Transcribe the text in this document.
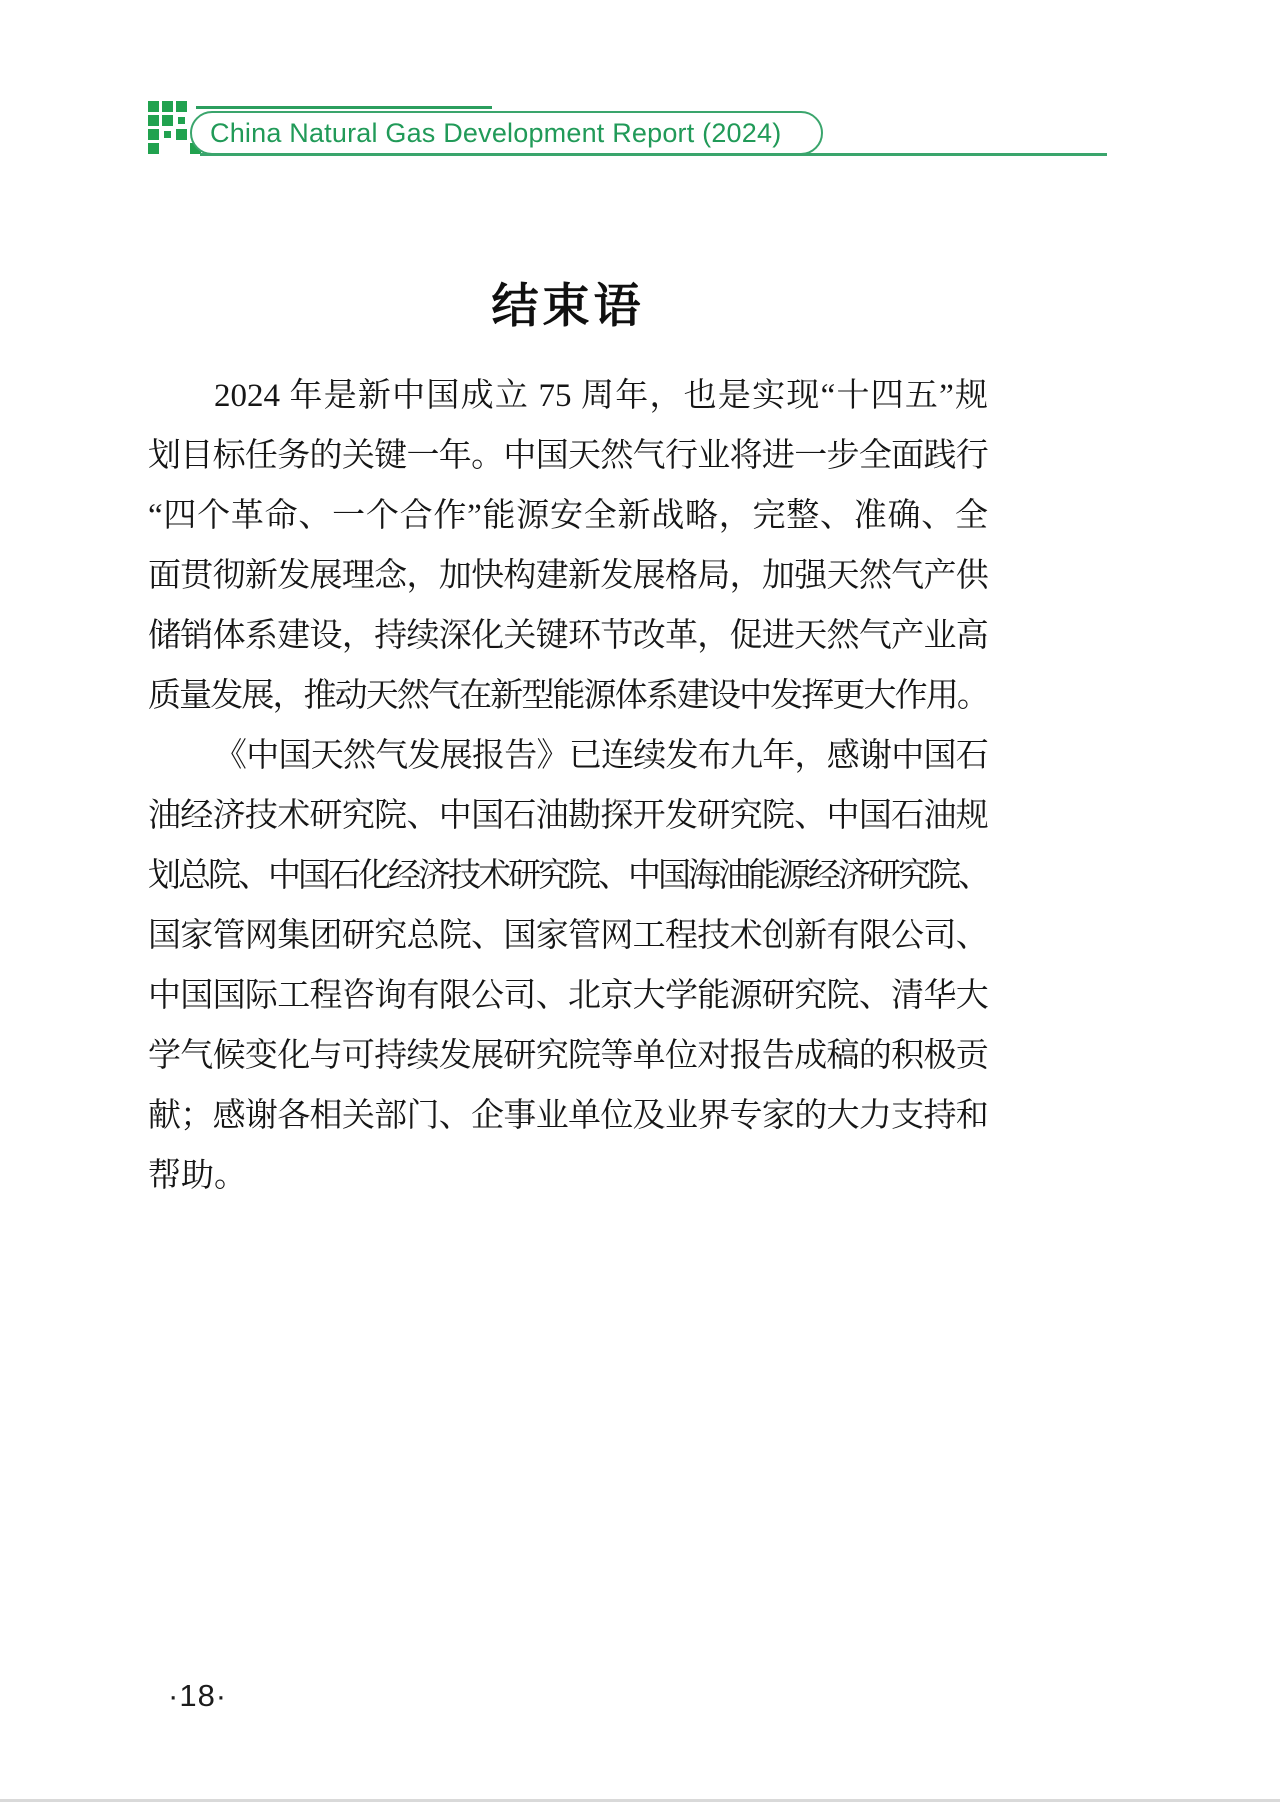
China Natural Gas Development Report (2024)
结束语
2024 年是新中国成立 75 周年，也是实现“十四五”规
划目标任务的关键一年。中国天然气行业将进一步全面践行
“四个革命、一个合作”能源安全新战略，完整、准确、全
面贯彻新发展理念，加快构建新发展格局，加强天然气产供
储销体系建设，持续深化关键环节改革，促进天然气产业高
质量发展，推动天然气在新型能源体系建设中发挥更大作用。
《中国天然气发展报告》已连续发布九年，感谢中国石
油经济技术研究院、中国石油勘探开发研究院、中国石油规
划总院、中国石化经济技术研究院、中国海油能源经济研究院、
国家管网集团研究总院、国家管网工程技术创新有限公司、
中国国际工程咨询有限公司、北京大学能源研究院、清华大
学气候变化与可持续发展研究院等单位对报告成稿的积极贡
献；感谢各相关部门、企事业单位及业界专家的大力支持和
帮助。
·18·
